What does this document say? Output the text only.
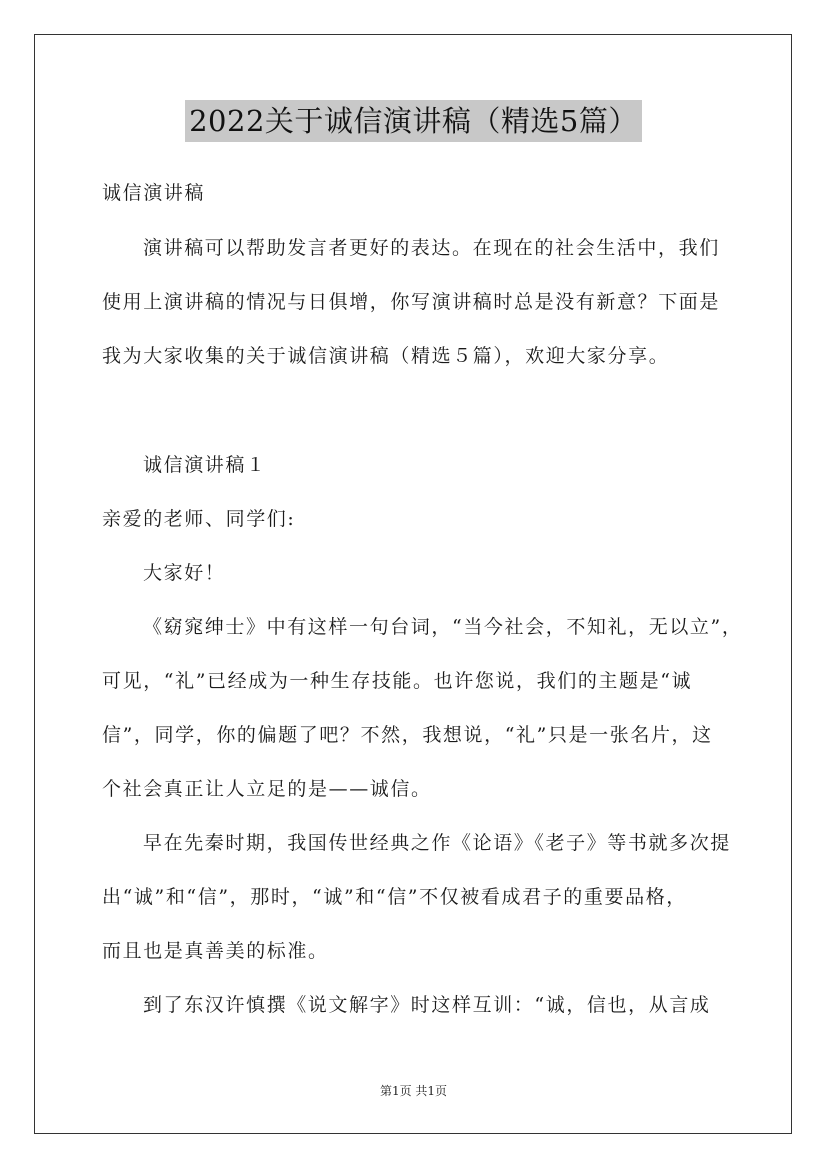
2022关于诚信演讲稿（精选5篇）
诚信演讲稿
演讲稿可以帮助发言者更好的表达。在现在的社会生活中，我们
使用上演讲稿的情况与日俱增，你写演讲稿时总是没有新意？下面是
我为大家收集的关于诚信演讲稿（精选５篇），欢迎大家分享。
诚信演讲稿１
亲爱的老师、同学们:
大家好！
《窈窕绅士》中有这样一句台词，“当今社会，不知礼，无以立”，
可见，“礼”已经成为一种生存技能。也许您说，我们的主题是“诚
信”，同学，你的偏题了吧？不然，我想说，“礼”只是一张名片，这
个社会真正让人立足的是——诚信。
早在先秦时期，我国传世经典之作《论语》《老子》等书就多次提
出“诚”和“信”，那时，“诚”和“信”不仅被看成君子的重要品格，
而且也是真善美的标准。
到了东汉许慎撰《说文解字》时这样互训：“诚，信也，从言成
第1页 共1页
